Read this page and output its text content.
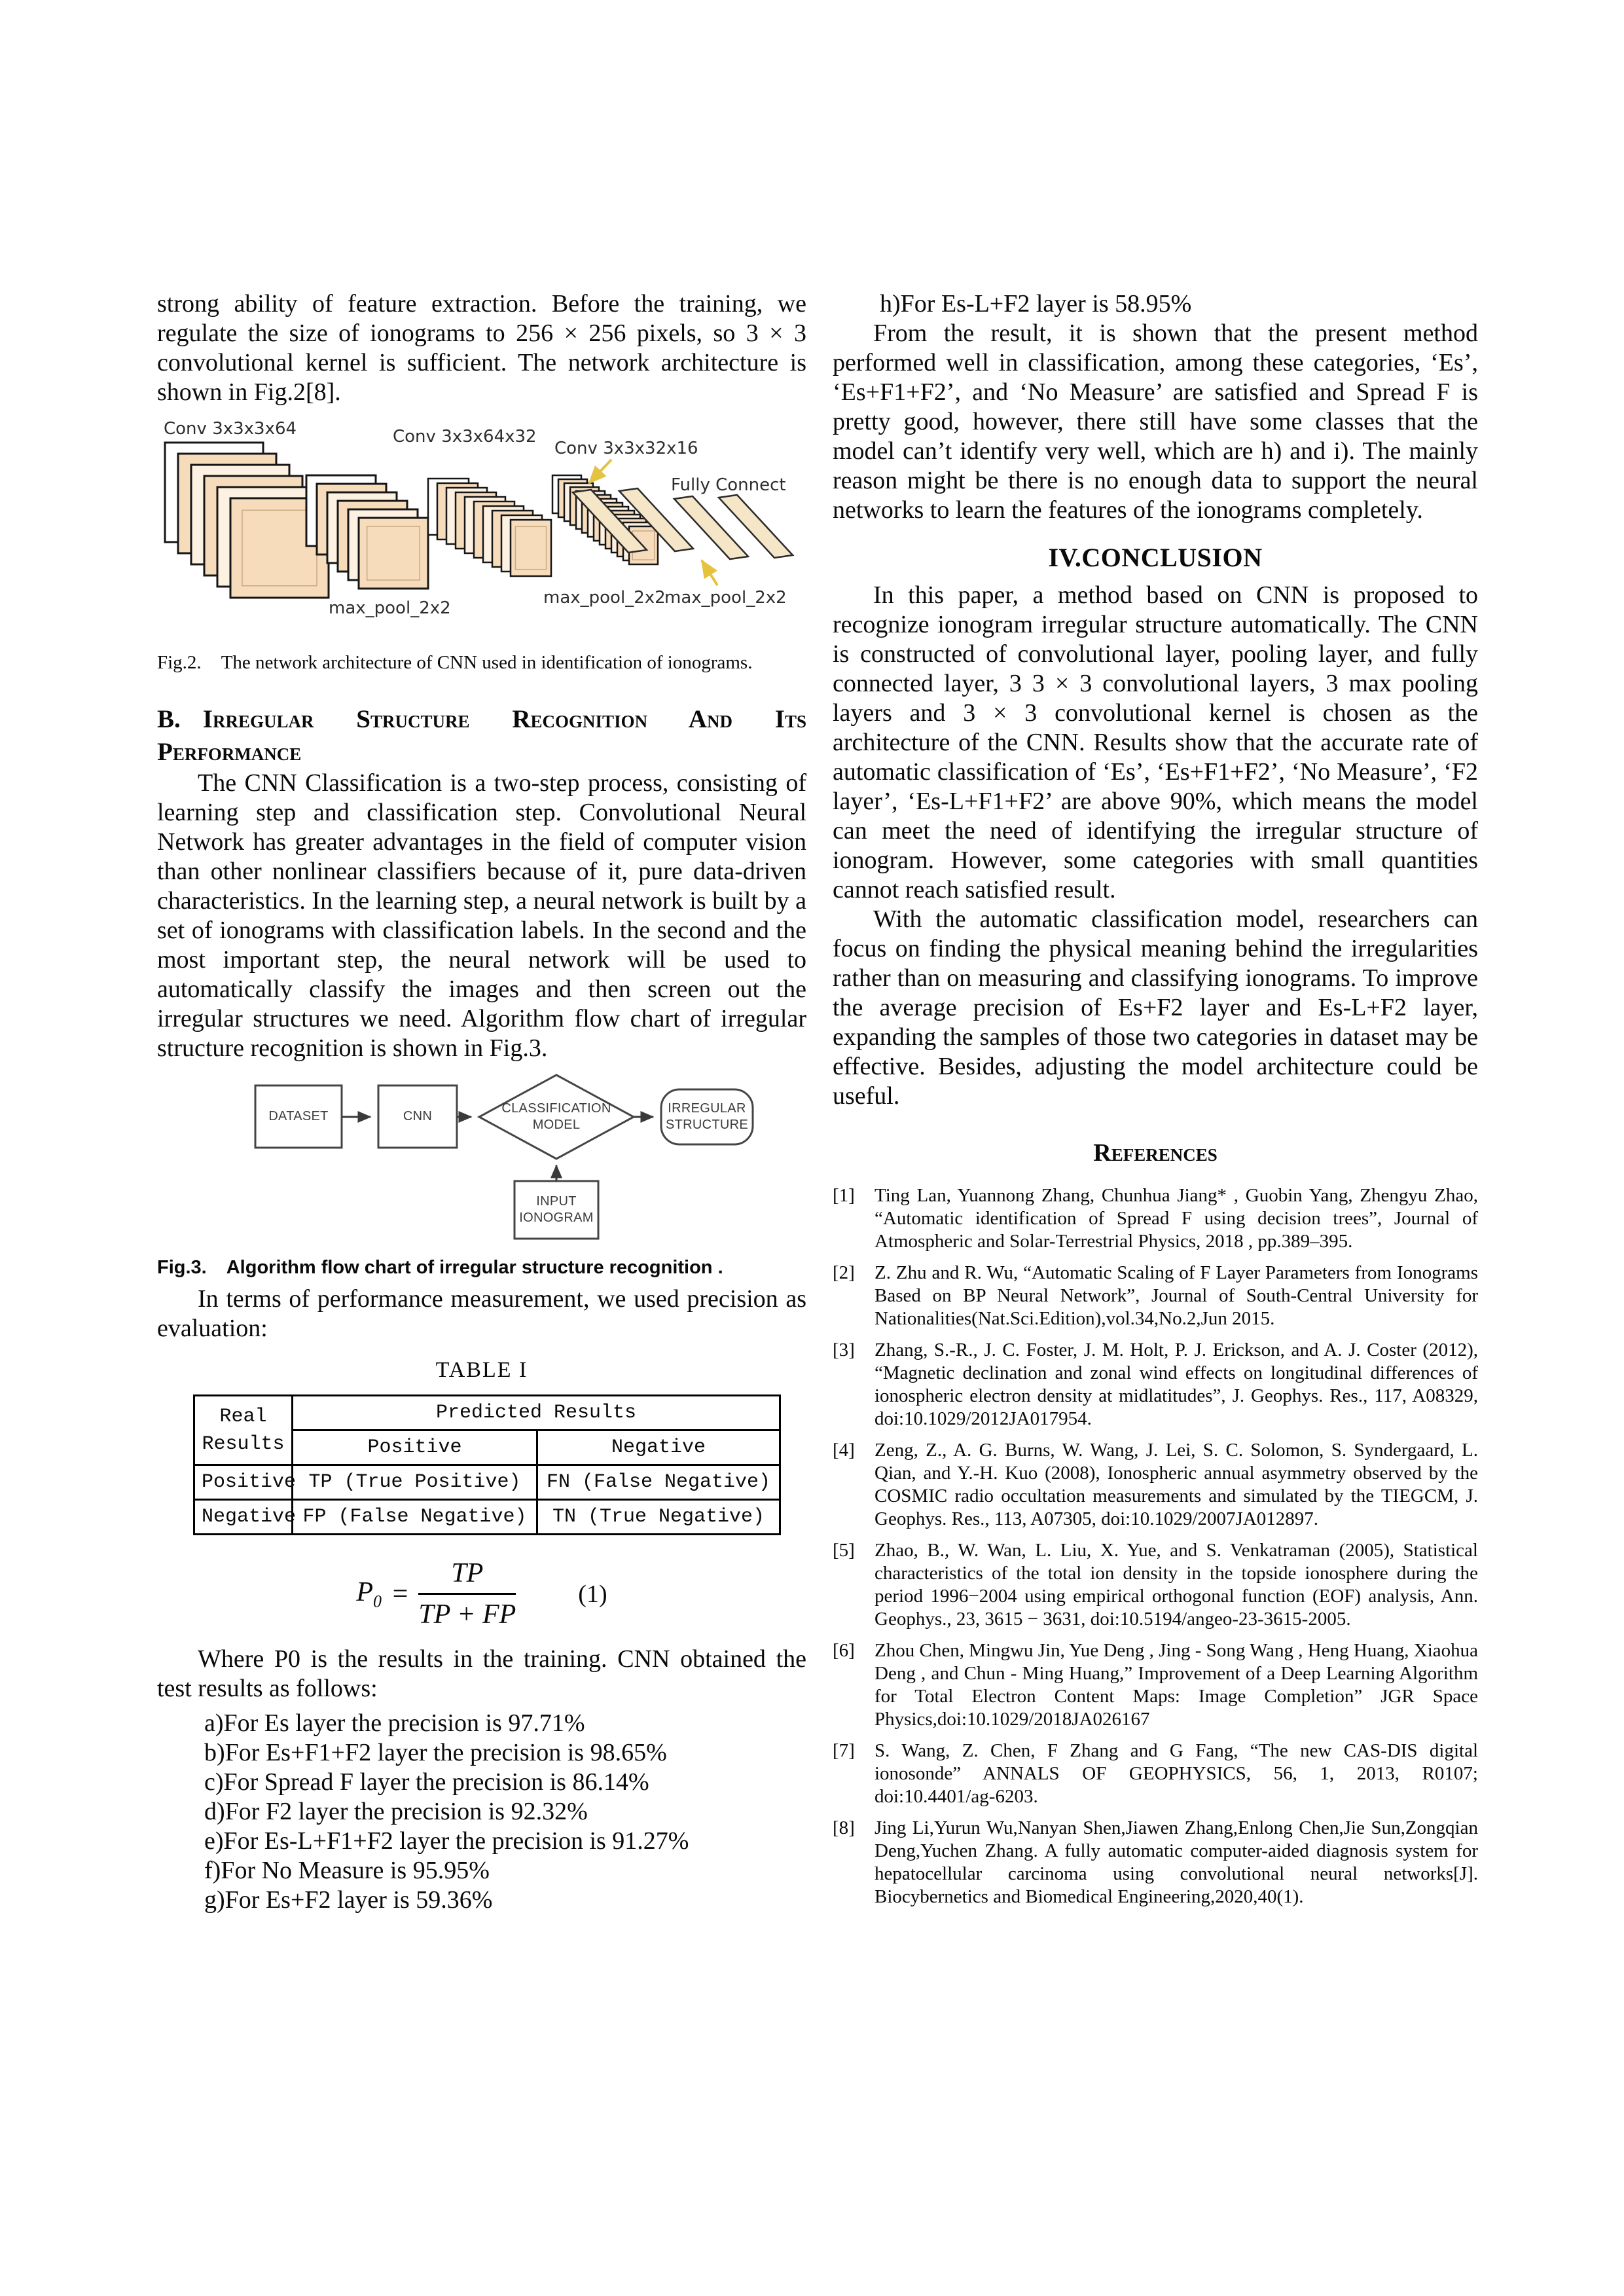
strong ability of feature extraction. Before the training, we regulate the size of ionograms to 256 × 256 pixels, so 3 × 3 convolutional kernel is sufficient. The network architecture is shown in Fig.2[8].

Conv 3x3x3x64	Conv 3x3x64x32
Conv 3x3x32x16
Fully Connect
max_pool_2x2
max_pool_2x2
max_pool_2x2
Fig.2. The network architecture of CNN used in identification of ionograms.
B. Irregular Structure Recognition And Its Performance

The CNN Classification is a two-step process, consisting of learning step and classification step. Convolutional Neural Network has greater advantages in the field of computer vision than other nonlinear classifiers because of it, pure data-driven characteristics. In the learning step, a neural network is built by a set of ionograms with classification labels. In the second and the most important step, the neural network will be used to automatically classify the images and then screen out the irregular structures we need. Algorithm flow chart of irregular structure recognition is shown in Fig.3.

DATASET	CNN
CLASSIFICATION MODEL
IRREGULAR STRUCTURE
INPUT IONOGRAM
Fig.3. Algorithm flow chart of irregular structure recognition .

In terms of performance measurement, we used precision as evaluation:

TABLE I
Real Results	Predicted Results	
	Positive	Negative
Positive	TP (True Positive)	FN (False Negative)
Negative	FP (False Negative)	TN (True Negative)
$P_0 = \frac{TP}{TP + FP}$	(1)

Where P0 is the results in the training. CNN obtained the test results as follows:

a)For Es layer the precision is 97.71%
b)For Es+F1+F2 layer the precision is 98.65%
c)For Spread F layer the precision is 86.14%
d)For F2 layer the precision is 92.32%
e)For Es-L+F1+F2 layer the precision is 91.27%
f)For No Measure is 95.95%
g)For Es+F2 layer is 59.36%
h)For Es-L+F2 layer is 58.95%

From the result, it is shown that the present method performed well in classification, among these categories, ‘Es’, ‘Es+F1+F2’, and ‘No Measure’ are satisfied and Spread F is pretty good, however, there still have some classes that the model can’t identify very well, which are h) and i). The mainly reason might be there is no enough data to support the neural networks to learn the features of the ionograms completely.

IV.CONCLUSION

In this paper, a method based on CNN is proposed to recognize ionogram irregular structure automatically. The CNN is constructed of convolutional layer, pooling layer, and fully connected layer, 3 3 × 3 convolutional layers, 3 max pooling layers and 3 × 3 convolutional kernel is chosen as the architecture of the CNN. Results show that the accurate rate of automatic classification of ‘Es’, ‘Es+F1+F2’, ‘No Measure’, ‘F2 layer’, ‘Es-L+F1+F2’ are above 90%, which means the model can meet the need of identifying the irregular structure of ionogram. However, some categories with small quantities cannot reach satisfied result.

With the automatic classification model, researchers can focus on finding the physical meaning behind the irregularities rather than on measuring and classifying ionograms. To improve the average precision of Es+F2 layer and Es-L+F2 layer, expanding the samples of those two categories in dataset may be effective. Besides, adjusting the model architecture could be useful.

References
[1]	Ting Lan, Yuannong Zhang, Chunhua Jiang* , Guobin Yang, Zhengyu Zhao, “Automatic identification of Spread F using decision trees”, Journal of Atmospheric and Solar-Terrestrial Physics, 2018 , pp.389–395.
[2]	Z. Zhu and R. Wu, “Automatic Scaling of F Layer Parameters from Ionograms Based on BP Neural Network”, Journal of South-Central University for Nationalities(Nat.Sci.Edition),vol.34,No.2,Jun 2015.
[3]	Zhang, S.-R., J. C. Foster, J. M. Holt, P. J. Erickson, and A. J. Coster (2012), “Magnetic declination and zonal wind effects on longitudinal differences of ionospheric electron density at midlatitudes”, J. Geophys. Res., 117, A08329, doi:10.1029/2012JA017954.
[4]	Zeng, Z., A. G. Burns, W. Wang, J. Lei, S. C. Solomon, S. Syndergaard, L. Qian, and Y.-H. Kuo (2008), Ionospheric annual asymmetry observed by the COSMIC radio occultation measurements and simulated by the TIEGCM, J. Geophys. Res., 113, A07305, doi:10.1029/2007JA012897.
[5]	Zhao, B., W. Wan, L. Liu, X. Yue, and S. Venkatraman (2005), Statistical characteristics of the total ion density in the topside ionosphere during the period 1996−2004 using empirical orthogonal function (EOF) analysis, Ann. Geophys., 23, 3615 − 3631, doi:10.5194/angeo-23-3615-2005.
[6]	Zhou Chen, Mingwu Jin, Yue Deng , Jing - Song Wang , Heng Huang, Xiaohua Deng , and Chun - Ming Huang,” Improvement of a Deep Learning Algorithm for Total Electron Content Maps: Image Completion” JGR Space Physics,doi:10.1029/2018JA026167
[7]	S. Wang, Z. Chen, F Zhang and G Fang, “The new CAS-DIS digital ionosonde” ANNALS OF GEOPHYSICS, 56, 1, 2013, R0107; doi:10.4401/ag-6203.
[8]	Jing Li,Yurun Wu,Nanyan Shen,Jiawen Zhang,Enlong Chen,Jie Sun,Zongqian Deng,Yuchen Zhang. A fully automatic computer-aided diagnosis system for hepatocellular carcinoma using convolutional neural networks[J]. Biocybernetics and Biomedical Engineering,2020,40(1).
